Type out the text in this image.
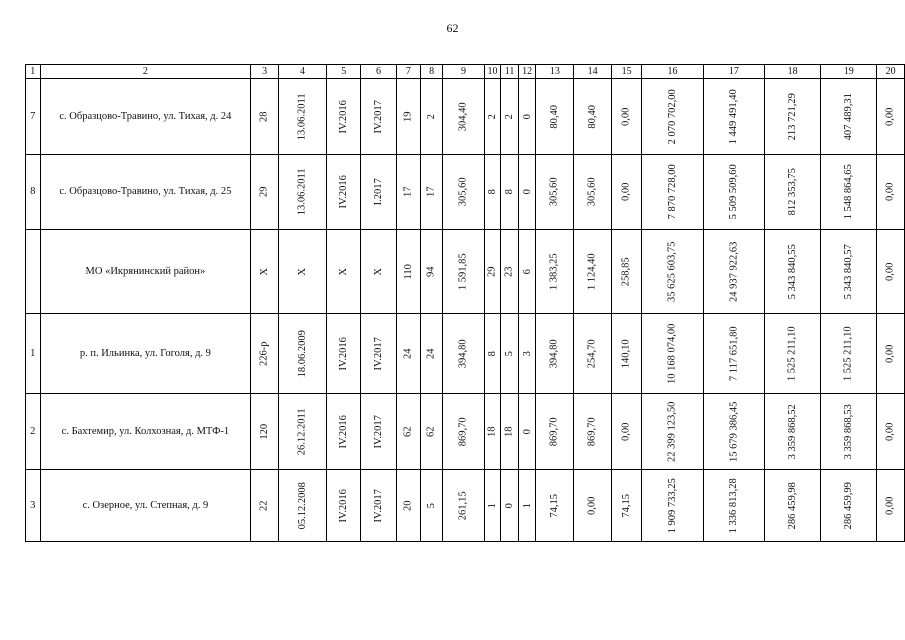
62
1	2	3	4	5	6	7	8	9	10	11	12	13	14	15	16	17	18	19	20
7	с. Образцово-Травино, ул. Тихая, д. 24	28	13.06.2011	IV.2016	IV.2017	19	2	304,40	2	2	0	80,40	80,40	0,00	2 070 702,00	1 449 491,40	213 721,29	407 489,31	0,00
8	с. Образцово-Травино, ул. Тихая, д. 25	29	13.06.2011	IV.2016	I.2017	17	17	305,60	8	8	0	305,60	305,60	0,00	7 870 728,00	5 509 509,60	812 353,75	1 548 864,65	0,00
	МО «Икрянинский район»	X	X	X	X	110	94	1 591,85	29	23	6	1 383,25	1 124,40	258,85	35 625 603,75	24 937 922,63	5 343 840,55	5 343 840,57	0,00
1	р. п. Ильинка, ул. Гоголя, д. 9	226-р	18.06.2009	IV.2016	IV.2017	24	24	394,80	8	5	3	394,80	254,70	140,10	10 168 074,00	7 117 651,80	1 525 211,10	1 525 211,10	0,00
2	с. Бахтемир, ул. Колхозная, д. МТФ-1	120	26.12.2011	IV.2016	IV.2017	62	62	869,70	18	18	0	869,70	869,70	0,00	22 399 123,50	15 679 386,45	3 359 868,52	3 359 868,53	0,00
3	с. Озерное, ул. Степная, д. 9	22	05.12.2008	IV.2016	IV.2017	20	5	261,15	1	0	1	74,15	0,00	74,15	1 909 733,25	1 336 813,28	286 459,98	286 459,99	0,00
